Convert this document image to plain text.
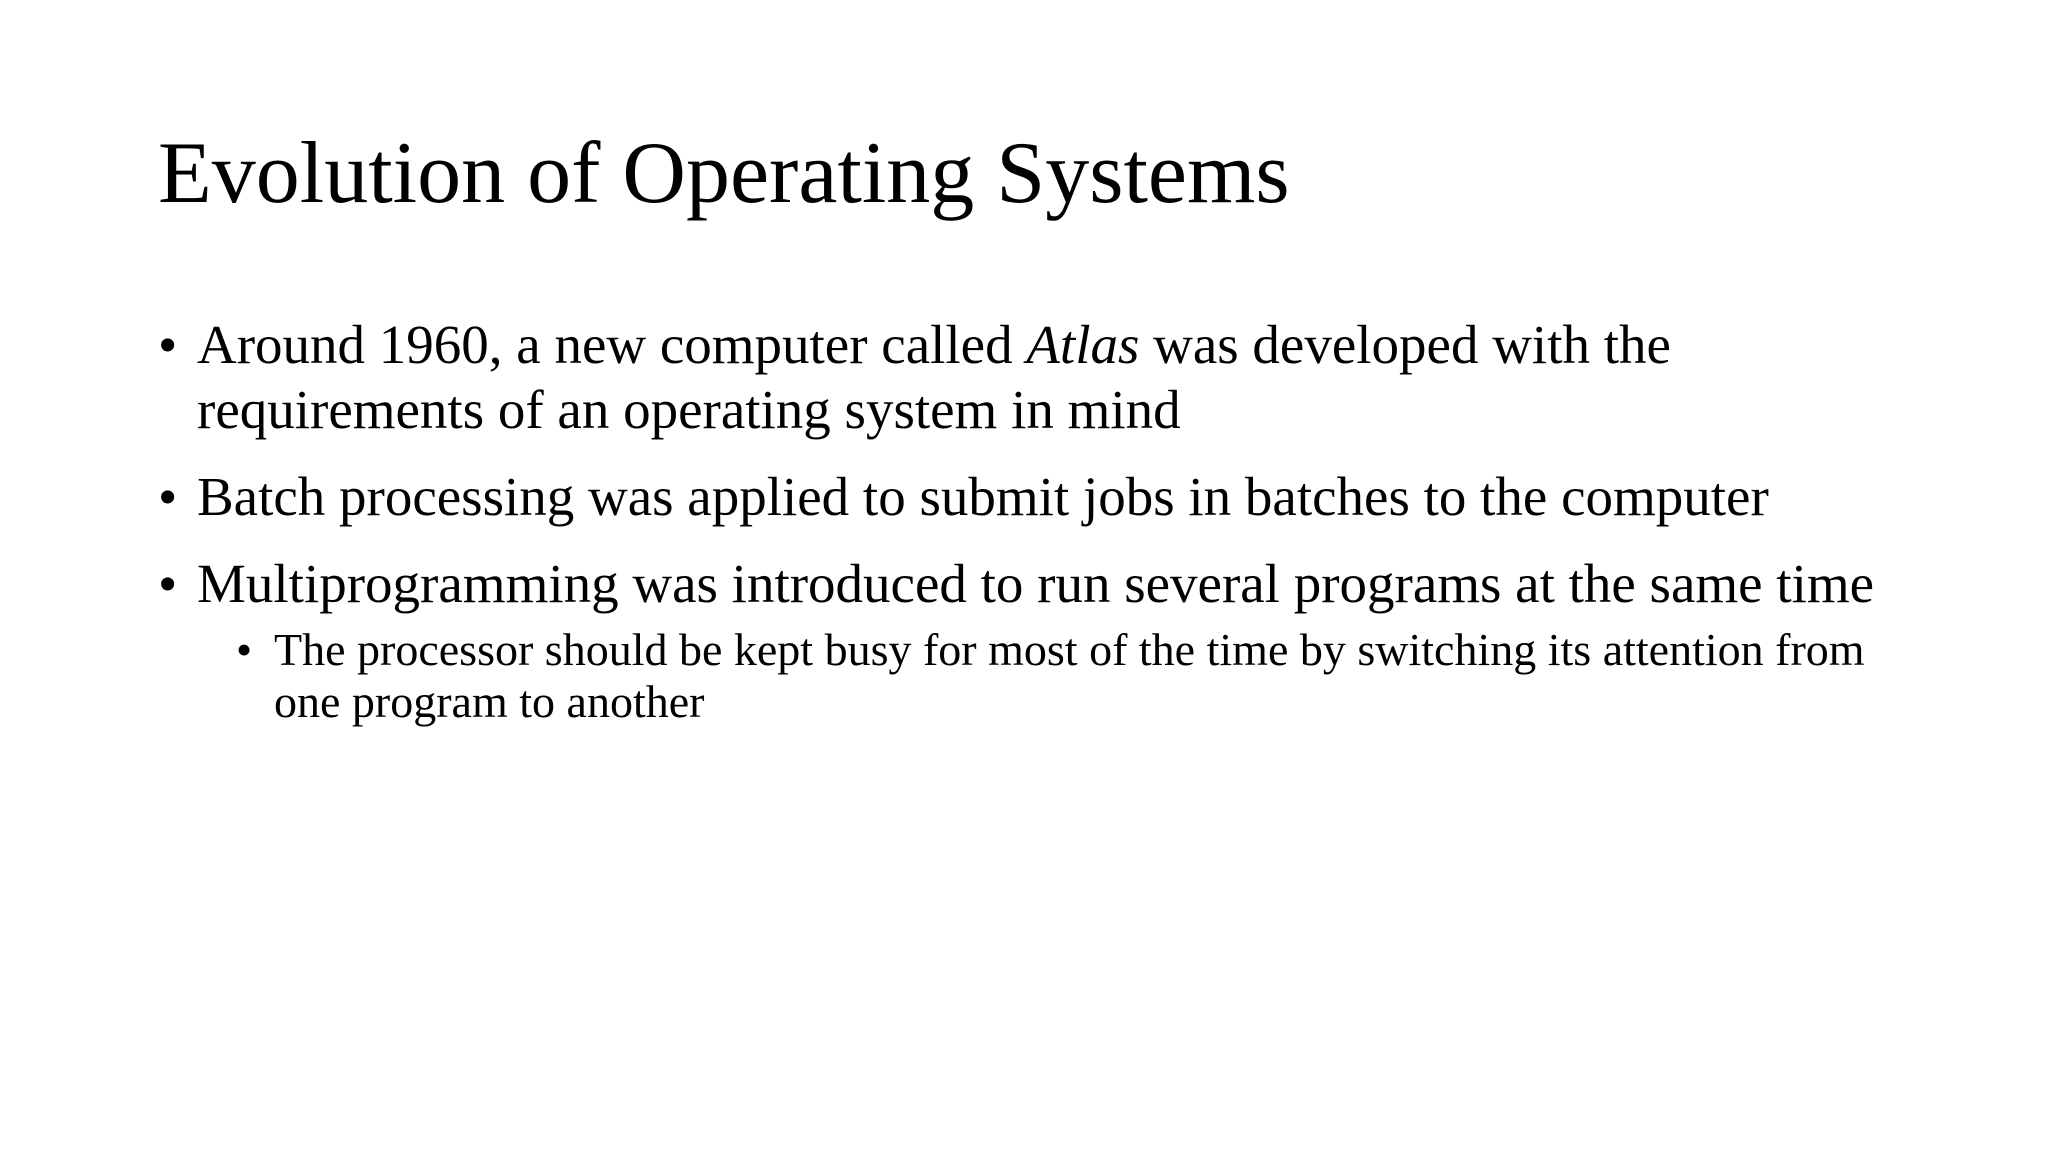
Evolution of Operating Systems
• Around 1960, a new computer called Atlas was developed with the requirements of an operating system in mind
• Batch processing was applied to submit jobs in batches to the computer
• Multiprogramming was introduced to run several programs at the same time
• The processor should be kept busy for most of the time by switching its attention from one program to another
